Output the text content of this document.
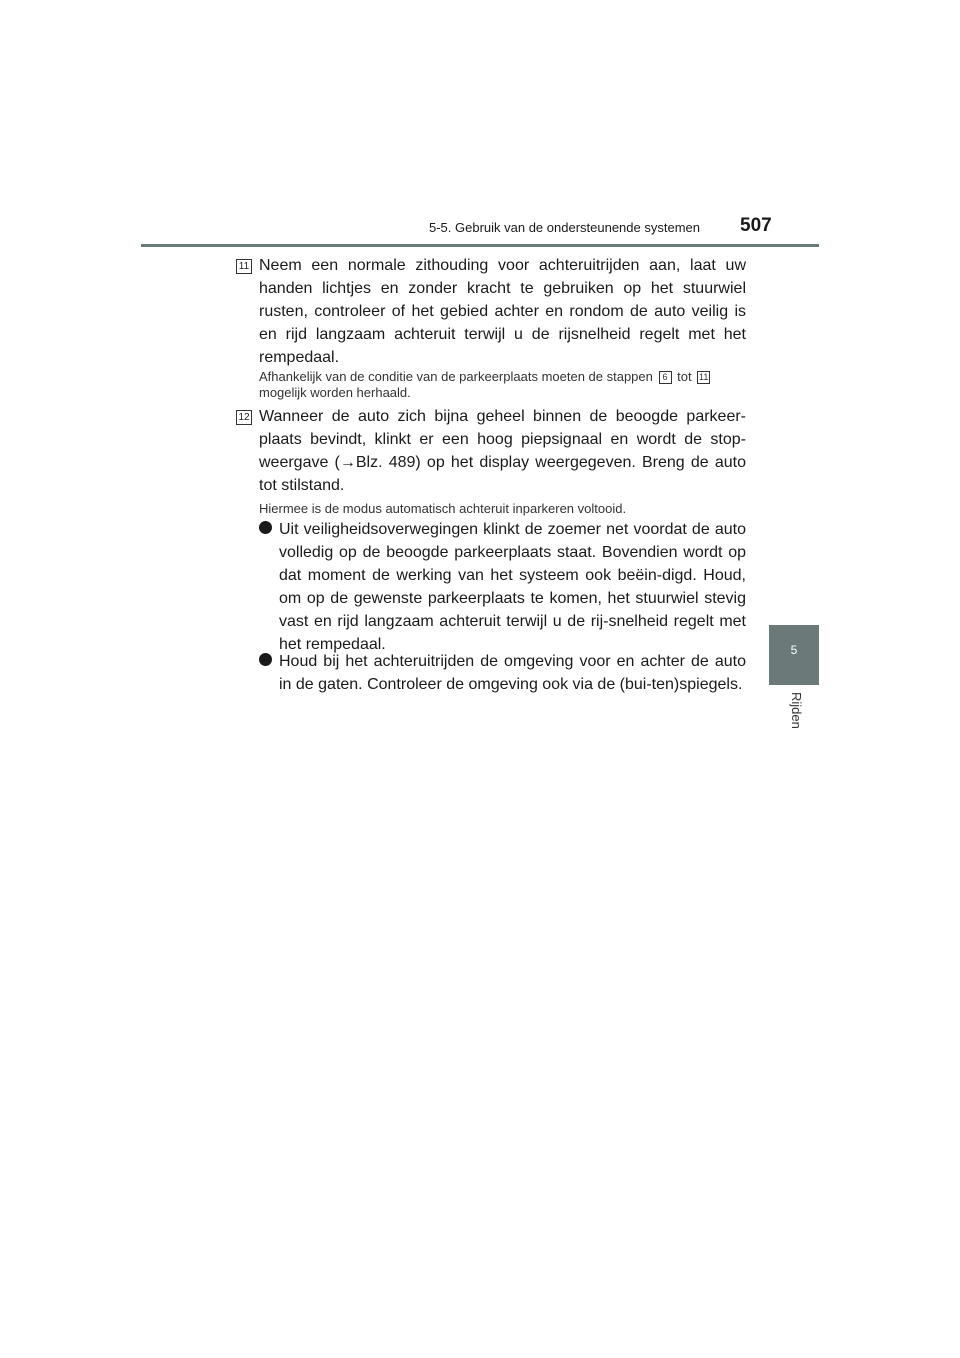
5-5. Gebruik van de ondersteunende systemen 507
5
Rijden
11 Neem een normale zithouding voor achteruitrijden aan, laat uw handen lichtjes en zonder kracht te gebruiken op het stuurwiel rusten, controleer of het gebied achter en rondom de auto veilig is en rijd langzaam achteruit terwijl u de rijsnelheid regelt met het rempedaal.
Afhankelijk van de conditie van de parkeerplaats moeten de stappen 6 tot 11 mogelijk worden herhaald.
12 Wanneer de auto zich bijna geheel binnen de beoogde parkeer-plaats bevindt, klinkt er een hoog piepsignaal en wordt de stop-weergave (→Blz. 489) op het display weergegeven. Breng de auto tot stilstand.
Hiermee is de modus automatisch achteruit inparkeren voltooid.
Uit veiligheidsoverwegingen klinkt de zoemer net voordat de auto volledig op de beoogde parkeerplaats staat. Bovendien wordt op dat moment de werking van het systeem ook beëin-digd. Houd, om op de gewenste parkeerplaats te komen, het stuurwiel stevig vast en rijd langzaam achteruit terwijl u de rij-snelheid regelt met het rempedaal.
Houd bij het achteruitrijden de omgeving voor en achter de auto in de gaten. Controleer de omgeving ook via de (bui-ten)spiegels.
